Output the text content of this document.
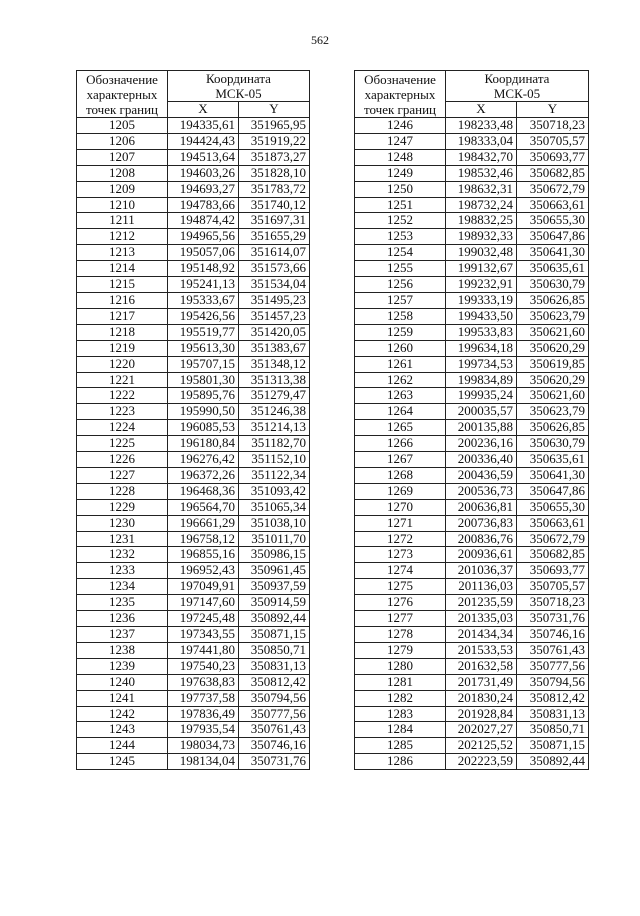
562
Обозначение характерных точек границ	Координата
МСК-05	
	X	Y
1205	194335,61	351965,95
1206	194424,43	351919,22
1207	194513,64	351873,27
1208	194603,26	351828,10
1209	194693,27	351783,72
1210	194783,66	351740,12
1211	194874,42	351697,31
1212	194965,56	351655,29
1213	195057,06	351614,07
1214	195148,92	351573,66
1215	195241,13	351534,04
1216	195333,67	351495,23
1217	195426,56	351457,23
1218	195519,77	351420,05
1219	195613,30	351383,67
1220	195707,15	351348,12
1221	195801,30	351313,38
1222	195895,76	351279,47
1223	195990,50	351246,38
1224	196085,53	351214,13
1225	196180,84	351182,70
1226	196276,42	351152,10
1227	196372,26	351122,34
1228	196468,36	351093,42
1229	196564,70	351065,34
1230	196661,29	351038,10
1231	196758,12	351011,70
1232	196855,16	350986,15
1233	196952,43	350961,45
1234	197049,91	350937,59
1235	197147,60	350914,59
1236	197245,48	350892,44
1237	197343,55	350871,15
1238	197441,80	350850,71
1239	197540,23	350831,13
1240	197638,83	350812,42
1241	197737,58	350794,56
1242	197836,49	350777,56
1243	197935,54	350761,43
1244	198034,73	350746,16
1245	198134,04	350731,76
Обозначение характерных точек границ	Координата
МСК-05	
	X	Y
1246	198233,48	350718,23
1247	198333,04	350705,57
1248	198432,70	350693,77
1249	198532,46	350682,85
1250	198632,31	350672,79
1251	198732,24	350663,61
1252	198832,25	350655,30
1253	198932,33	350647,86
1254	199032,48	350641,30
1255	199132,67	350635,61
1256	199232,91	350630,79
1257	199333,19	350626,85
1258	199433,50	350623,79
1259	199533,83	350621,60
1260	199634,18	350620,29
1261	199734,53	350619,85
1262	199834,89	350620,29
1263	199935,24	350621,60
1264	200035,57	350623,79
1265	200135,88	350626,85
1266	200236,16	350630,79
1267	200336,40	350635,61
1268	200436,59	350641,30
1269	200536,73	350647,86
1270	200636,81	350655,30
1271	200736,83	350663,61
1272	200836,76	350672,79
1273	200936,61	350682,85
1274	201036,37	350693,77
1275	201136,03	350705,57
1276	201235,59	350718,23
1277	201335,03	350731,76
1278	201434,34	350746,16
1279	201533,53	350761,43
1280	201632,58	350777,56
1281	201731,49	350794,56
1282	201830,24	350812,42
1283	201928,84	350831,13
1284	202027,27	350850,71
1285	202125,52	350871,15
1286	202223,59	350892,44
